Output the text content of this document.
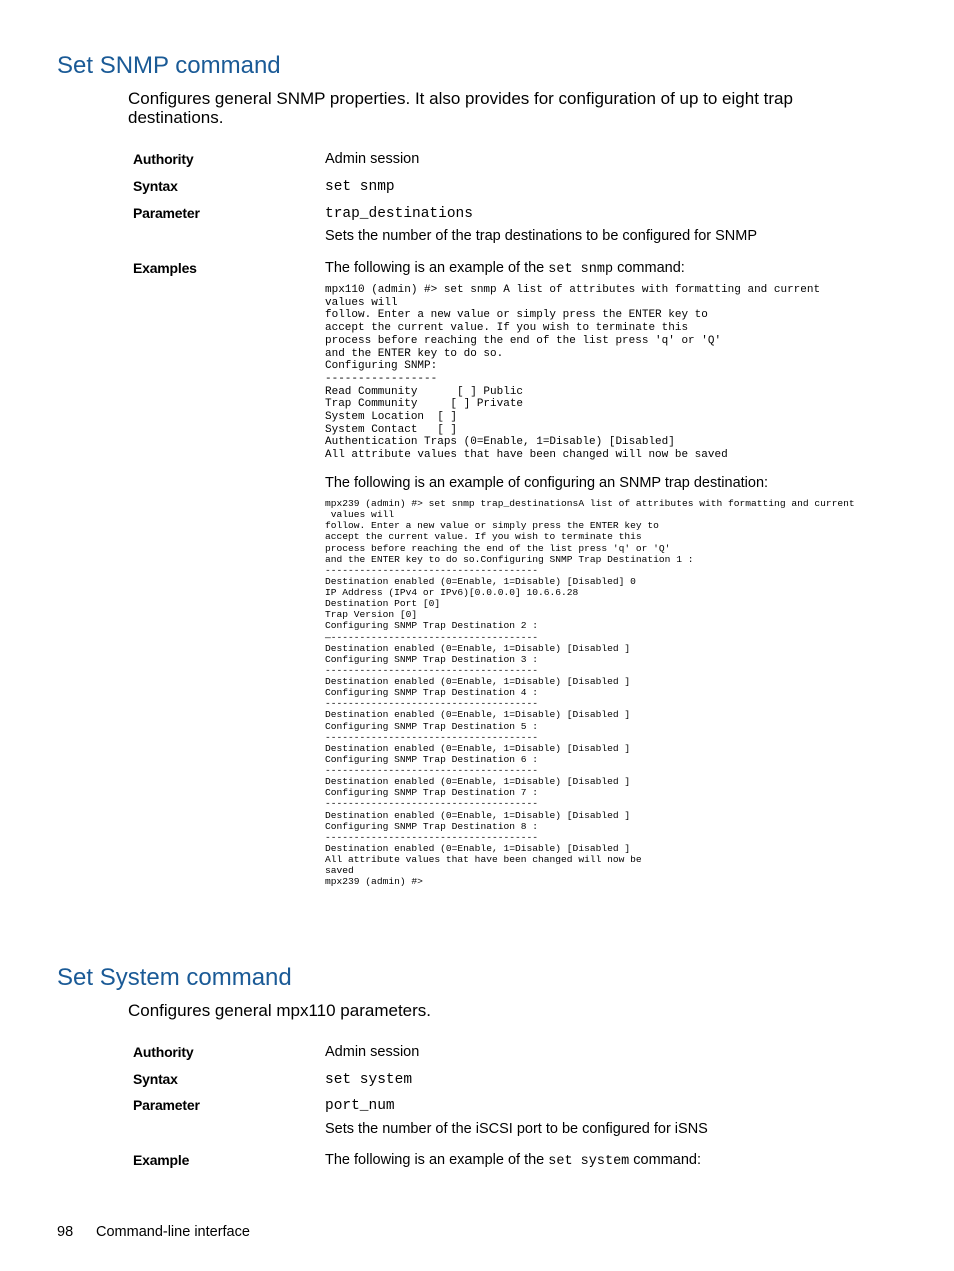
Set SNMP command
Configures general SNMP properties. It also provides for configuration of up to eight trap destinations.
Authority	Admin session
Syntax	set snmp
Parameter	trap_destinations
Sets the number of the trap destinations to be configured for SNMP
Examples	The following is an example of the set snmp command:
mpx110 (admin) #> set snmp A list of attributes with formatting and current
values will
follow. Enter a new value or simply press the ENTER key to
accept the current value. If you wish to terminate this
process before reaching the end of the list press 'q' or 'Q'
and the ENTER key to do so.
Configuring SNMP:
-----------------
Read Community      [ ] Public
Trap Community     [ ] Private
System Location  [ ]
System Contact   [ ]
Authentication Traps (0=Enable, 1=Disable) [Disabled]
All attribute values that have been changed will now be saved
The following is an example of configuring an SNMP trap destination:
mpx239 (admin) #> set snmp trap_destinationsA list of attributes with formatting and current
values will
follow. Enter a new value or simply press the ENTER key to
accept the current value. If you wish to terminate this
process before reaching the end of the list press 'q' or 'Q'
and the ENTER key to do so.Configuring SNMP Trap Destination 1 :
-------------------------------------
Destination enabled (0=Enable, 1=Disable) [Disabled] 0
IP Address (IPv4 or IPv6)[0.0.0.0] 10.6.6.28
Destination Port [0]
Trap Version [0]
Configuring SNMP Trap Destination 2 :
—------------------------------------
Destination enabled (0=Enable, 1=Disable) [Disabled ]
Configuring SNMP Trap Destination 3 :
-------------------------------------
Destination enabled (0=Enable, 1=Disable) [Disabled ]
Configuring SNMP Trap Destination 4 :
-------------------------------------
Destination enabled (0=Enable, 1=Disable) [Disabled ]
Configuring SNMP Trap Destination 5 :
-------------------------------------
Destination enabled (0=Enable, 1=Disable) [Disabled ]
Configuring SNMP Trap Destination 6 :
-------------------------------------
Destination enabled (0=Enable, 1=Disable) [Disabled ]
Configuring SNMP Trap Destination 7 :
-------------------------------------
Destination enabled (0=Enable, 1=Disable) [Disabled ]
Configuring SNMP Trap Destination 8 :
-------------------------------------
Destination enabled (0=Enable, 1=Disable) [Disabled ]
All attribute values that have been changed will now be
saved
mpx239 (admin) #>
Set System command
Configures general mpx110 parameters.
Authority	Admin session
Syntax	set system
Parameter	port_num
Sets the number of the iSCSI port to be configured for iSNS
Example	The following is an example of the set system command:
98 Command-line interface
